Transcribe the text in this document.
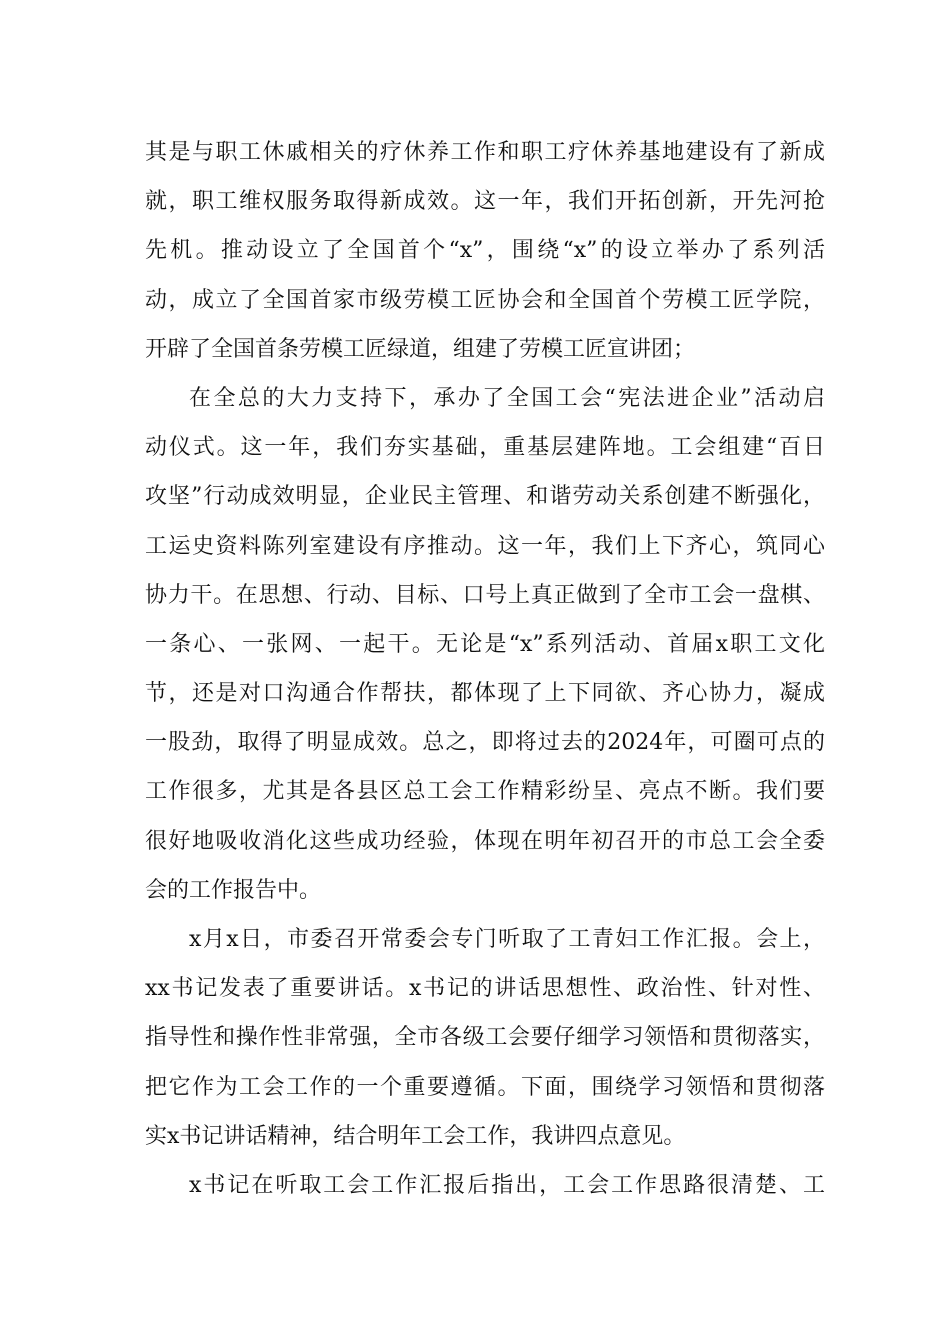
其是与职工休戚相关的疗休养工作和职工疗休养基地建设有了新成
就，职工维权服务取得新成效。这一年，我们开拓创新，开先河抢
先机。推动设立了全国首个“x”，围绕“x”的设立举办了系列活
动，成立了全国首家市级劳模工匠协会和全国首个劳模工匠学院，
开辟了全国首条劳模工匠绿道，组建了劳模工匠宣讲团；
在全总的大力支持下，承办了全国工会“宪法进企业”活动启
动仪式。这一年，我们夯实基础，重基层建阵地。工会组建“百日
攻坚”行动成效明显，企业民主管理、和谐劳动关系创建不断强化，
工运史资料陈列室建设有序推动。这一年，我们上下齐心，筑同心
协力干。在思想、行动、目标、口号上真正做到了全市工会一盘棋、
一条心、一张网、一起干。无论是“x”系列活动、首届x职工文化
节，还是对口沟通合作帮扶，都体现了上下同欲、齐心协力，凝成
一股劲，取得了明显成效。总之，即将过去的2024年，可圈可点的
工作很多，尤其是各县区总工会工作精彩纷呈、亮点不断。我们要
很好地吸收消化这些成功经验，体现在明年初召开的市总工会全委
会的工作报告中。
x月x日，市委召开常委会专门听取了工青妇工作汇报。会上，
xx书记发表了重要讲话。x书记的讲话思想性、政治性、针对性、
指导性和操作性非常强，全市各级工会要仔细学习领悟和贯彻落实，
把它作为工会工作的一个重要遵循。下面，围绕学习领悟和贯彻落
实x书记讲话精神，结合明年工会工作，我讲四点意见。
x书记在听取工会工作汇报后指出，工会工作思路很清楚、工
